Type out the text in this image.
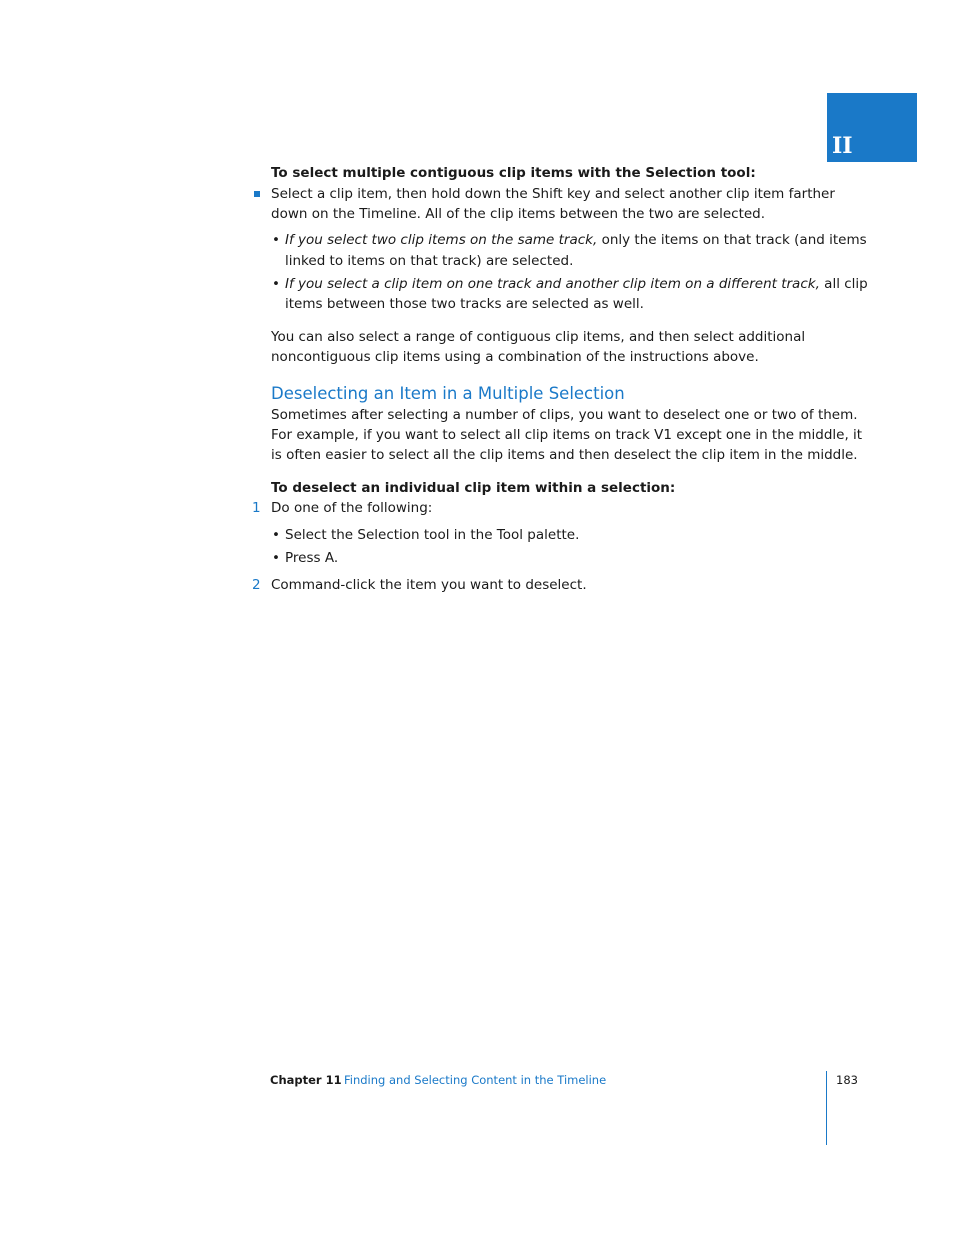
II
To select multiple contiguous clip items with the Selection tool:
Select a clip item, then hold down the Shift key and select another clip item farther
down on the Timeline. All of the clip items between the two are selected.
• If you select two clip items on the same track, only the items on that track (and items
linked to items on that track) are selected.
• If you select a clip item on one track and another clip item on a different track, all clip
items between those two tracks are selected as well.
You can also select a range of contiguous clip items, and then select additional
noncontiguous clip items using a combination of the instructions above.
Deselecting an Item in a Multiple Selection
Sometimes after selecting a number of clips, you want to deselect one or two of them.
For example, if you want to select all clip items on track V1 except one in the middle, it
is often easier to select all the clip items and then deselect the clip item in the middle.
To deselect an individual clip item within a selection:
1 Do one of the following:
• Select the Selection tool in the Tool palette.
• Press A.
2 Command-click the item you want to deselect.
Chapter 11 Finding and Selecting Content in the Timeline	183
